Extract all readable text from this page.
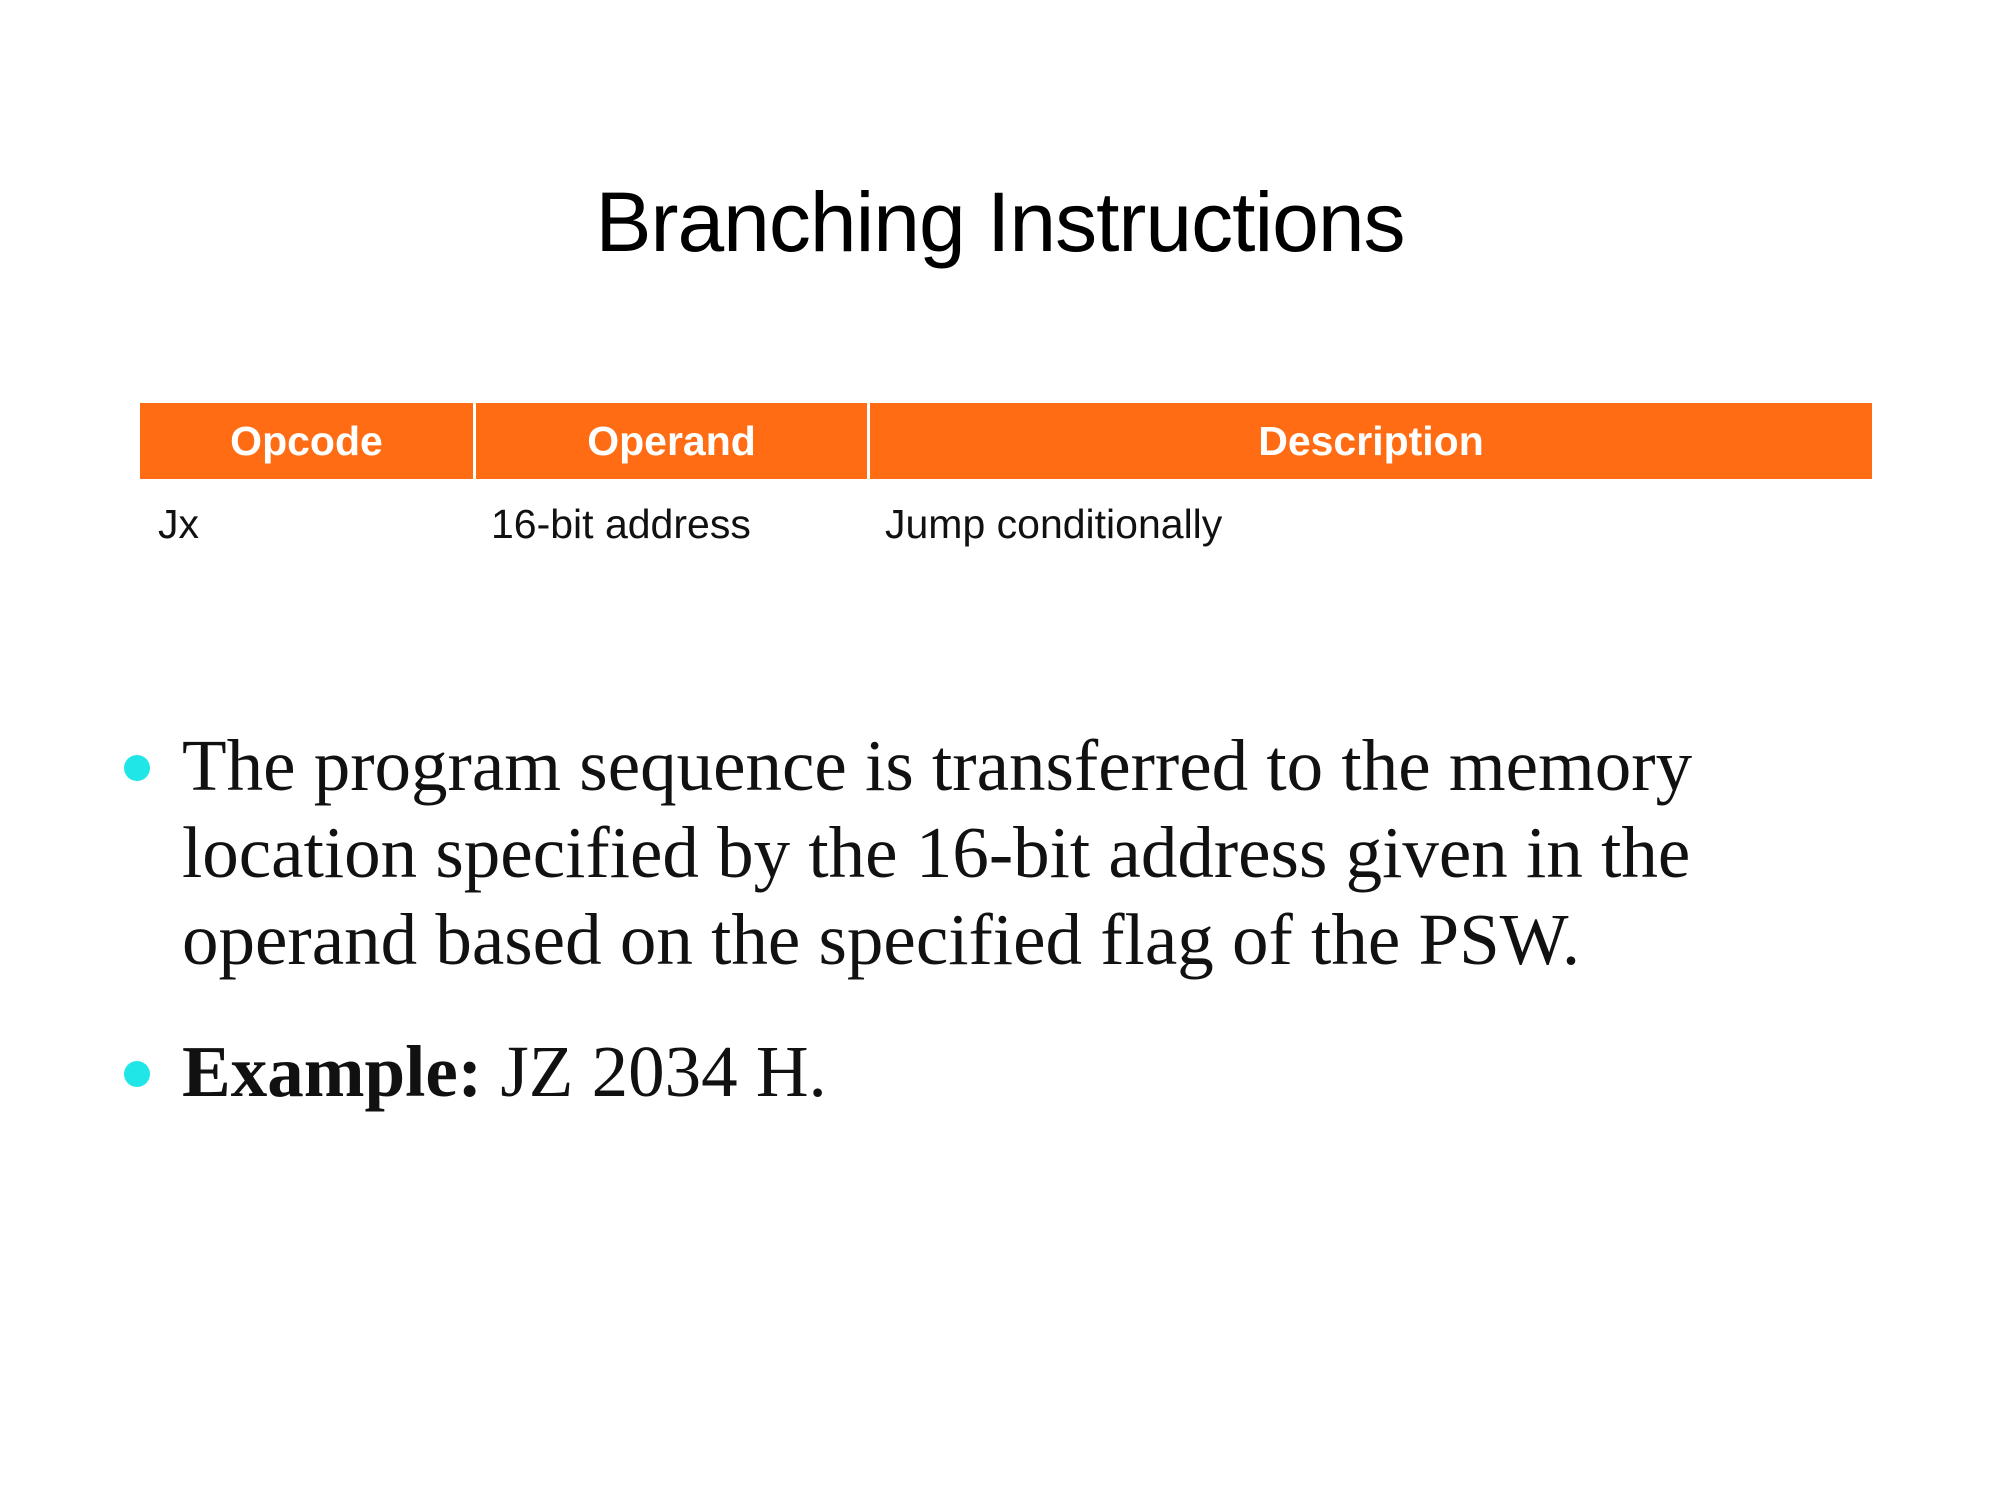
Branching Instructions
Opcode	Operand	Description
Jx	16-bit address	Jump conditionally
The program sequence is transferred to the memory location specified by the 16-bit address given in the operand based on the specified flag of the PSW.
Example: JZ 2034 H.
